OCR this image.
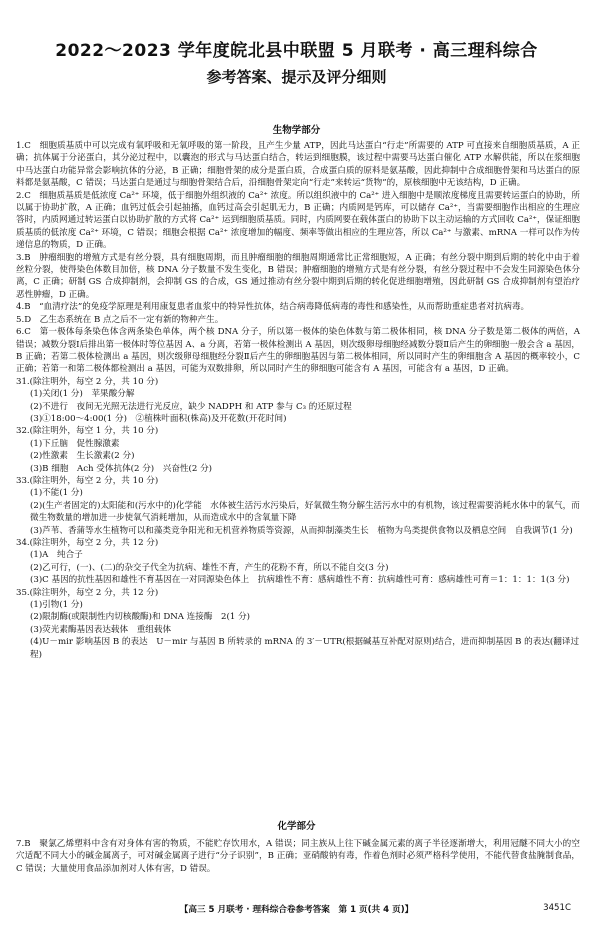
2022～2023 学年度皖北县中联盟 5 月联考 · 高三理科综合
参考答案、提示及评分细则
生物学部分

1.C　细胞质基质中可以完成有氧呼吸和无氧呼吸的第一阶段，且产生少量 ATP，因此马达蛋白“行走”所需要的 ATP 可直接来自细胞质基质，A 正确；抗体属于分泌蛋白，其分泌过程中，以囊泡的形式与马达蛋白结合，转运到细胞膜，该过程中需要马达蛋白催化 ATP 水解供能，所以在浆细胞中马达蛋白功能异常会影响抗体的分泌，B 正确；细胞骨架的成分是蛋白质，合成蛋白质的原料是氨基酸，因此抑制中合成细胞骨架和马达蛋白的原料都是氨基酸，C 错误；马达蛋白是通过与细胞骨架结合后，沿细胞骨架定向“行走”来转运“货物”的，原核细胞中无该结构，D 正确。

2.C　细胞质基质是低浓度 Ca²⁺ 环境，低于细胞外组织液的 Ca²⁺ 浓度。所以组织液中的 Ca²⁺ 进入细胞中是顺浓度梯度且需要转运蛋白的协助，所以属于协助扩散，A 正确；血钙过低会引起抽搐，血钙过高会引起肌无力，B 正确；内质网是钙库，可以储存 Ca²⁺，当需要细胞作出相应的生理应答时，内质网通过转运蛋白以协助扩散的方式将 Ca²⁺ 运到细胞质基质。同时，内质网要在载体蛋白的协助下以主动运输的方式回收 Ca²⁺，保证细胞质基质的低浓度 Ca²⁺ 环境，C 错误；细胞会根据 Ca²⁺ 浓度增加的幅度、频率等做出相应的生理应答，所以 Ca²⁺ 与激素、mRNA 一样可以作为传递信息的物质，D 正确。

3.B　肿瘤细胞的增殖方式是有丝分裂，具有细胞周期，而且肿瘤细胞的细胞周期通常比正常细胞短，A 正确；有丝分裂中期到后期的转化中由于着丝粒分裂，使得染色体数目加倍，核 DNA 分子数量不发生变化，B 错误；肿瘤细胞的增殖方式是有丝分裂，有丝分裂过程中不会发生同源染色体分离，C 正确；研制 GS 合成抑制剂，会抑制 GS 的合成，GS 通过推动有丝分裂中期到后期的转化促进细胞增殖，因此研制 GS 合成抑制剂有望治疗恶性肿瘤，D 正确。

4.B　“血清疗法”的免疫学原理是利用康复患者血浆中的特异性抗体，结合病毒降低病毒的毒性和感染性，从而帮助重症患者对抗病毒。

5.D　乙生态系统在 B 点之后不一定有新的物种产生。

6.C　第一极体每条染色体含两条染色单体，两个核 DNA 分子，所以第一极体的染色体数与第二极体相同，核 DNA 分子数是第二极体的两倍，A 错误；减数分裂Ⅰ后排出第一极体时等位基因 A、a 分离，若第一极体检测出 A 基因，则次级卵母细胞经减数分裂Ⅱ后产生的卵细胞一般会含 a 基因，B 正确；若第二极体检测出 a 基因，则次级卵母细胞经分裂Ⅱ后产生的卵细胞基因与第二极体相同，所以同时产生的卵细胞含 A 基因的概率较小，C 正确；若第一和第二极体都检测出 a 基因，可能为双数排卵，所以同时产生的卵细胞可能含有 A 基因，可能含有 a 基因，D 正确。

31.(除注明外，每空 2 分，共 10 分)

(1)关闭(1 分)　苹果酸分解

(2)不进行　夜间无光照无法进行光反应，缺少 NADPH 和 ATP 参与 C₃ 的还原过程

(3)①18:00～4:00(1 分)　②植株叶面积(株高)及开花数(开花时间)

32.(除注明外，每空 1 分，共 10 分)

(1)下丘脑　促性腺激素

(2)性激素　生长激素(2 分)

(3)B 细胞　Ach 受体抗体(2 分)　兴奋性(2 分)

33.(除注明外，每空 2 分，共 10 分)

(1)不能(1 分)

(2)(生产者固定的)太阳能和(污水中的)化学能　水体被生活污水污染后，好氧微生物分解生活污水中的有机物，该过程需要消耗水体中的氧气，而微生物数量的增加进一步使氧气消耗增加，从而造成水中的含氧量下降

(3)芦苇、香蒲等水生植物可以和藻类竞争阳光和无机营养物质等资源，从而抑制藻类生长　植物为鸟类提供食物以及栖息空间　自我调节(1 分)

34.(除注明外，每空 2 分，共 12 分)

(1)A　纯合子

(2)乙可行，(一)、(二)的杂交子代全为抗病、雄性不育，产生的花粉不育，所以不能自交(3 分)

(3)C 基因的抗性基因和雄性不育基因在一对同源染色体上　抗病雄性不育：感病雄性不育：抗病雄性可育：感病雄性可育＝1：1：1：1(3 分)

35.(除注明外，每空 2 分，共 12 分)

(1)引物(1 分)

(2)限制酶(或限制性内切核酸酶)和 DNA 连接酶　2(1 分)

(3)荧光素酶基因表达载体　重组载体

(4)U－mir 影响基因 B 的表达　U－mir 与基因 B 所转录的 mRNA 的 3′－UTR(根据碱基互补配对原则)结合，进而抑制基因 B 的表达(翻译过程)

化学部分

7.B　聚氯乙烯塑料中含有对身体有害的物质，不能贮存饮用水，A 错误；同主族从上往下碱金属元素的离子半径逐渐增大，利用冠醚不同大小的空穴适配不同大小的碱金属离子，可对碱金属离子进行“分子识别”，B 正确；亚硝酸钠有毒，作着色剂时必须严格科学使用，不能代替食盐腌制食品，C 错误；大量使用食品添加剂对人体有害，D 错误。

【高三 5 月联考 · 理科综合卷参考答案　第 1 页(共 4 页)】	3451C
